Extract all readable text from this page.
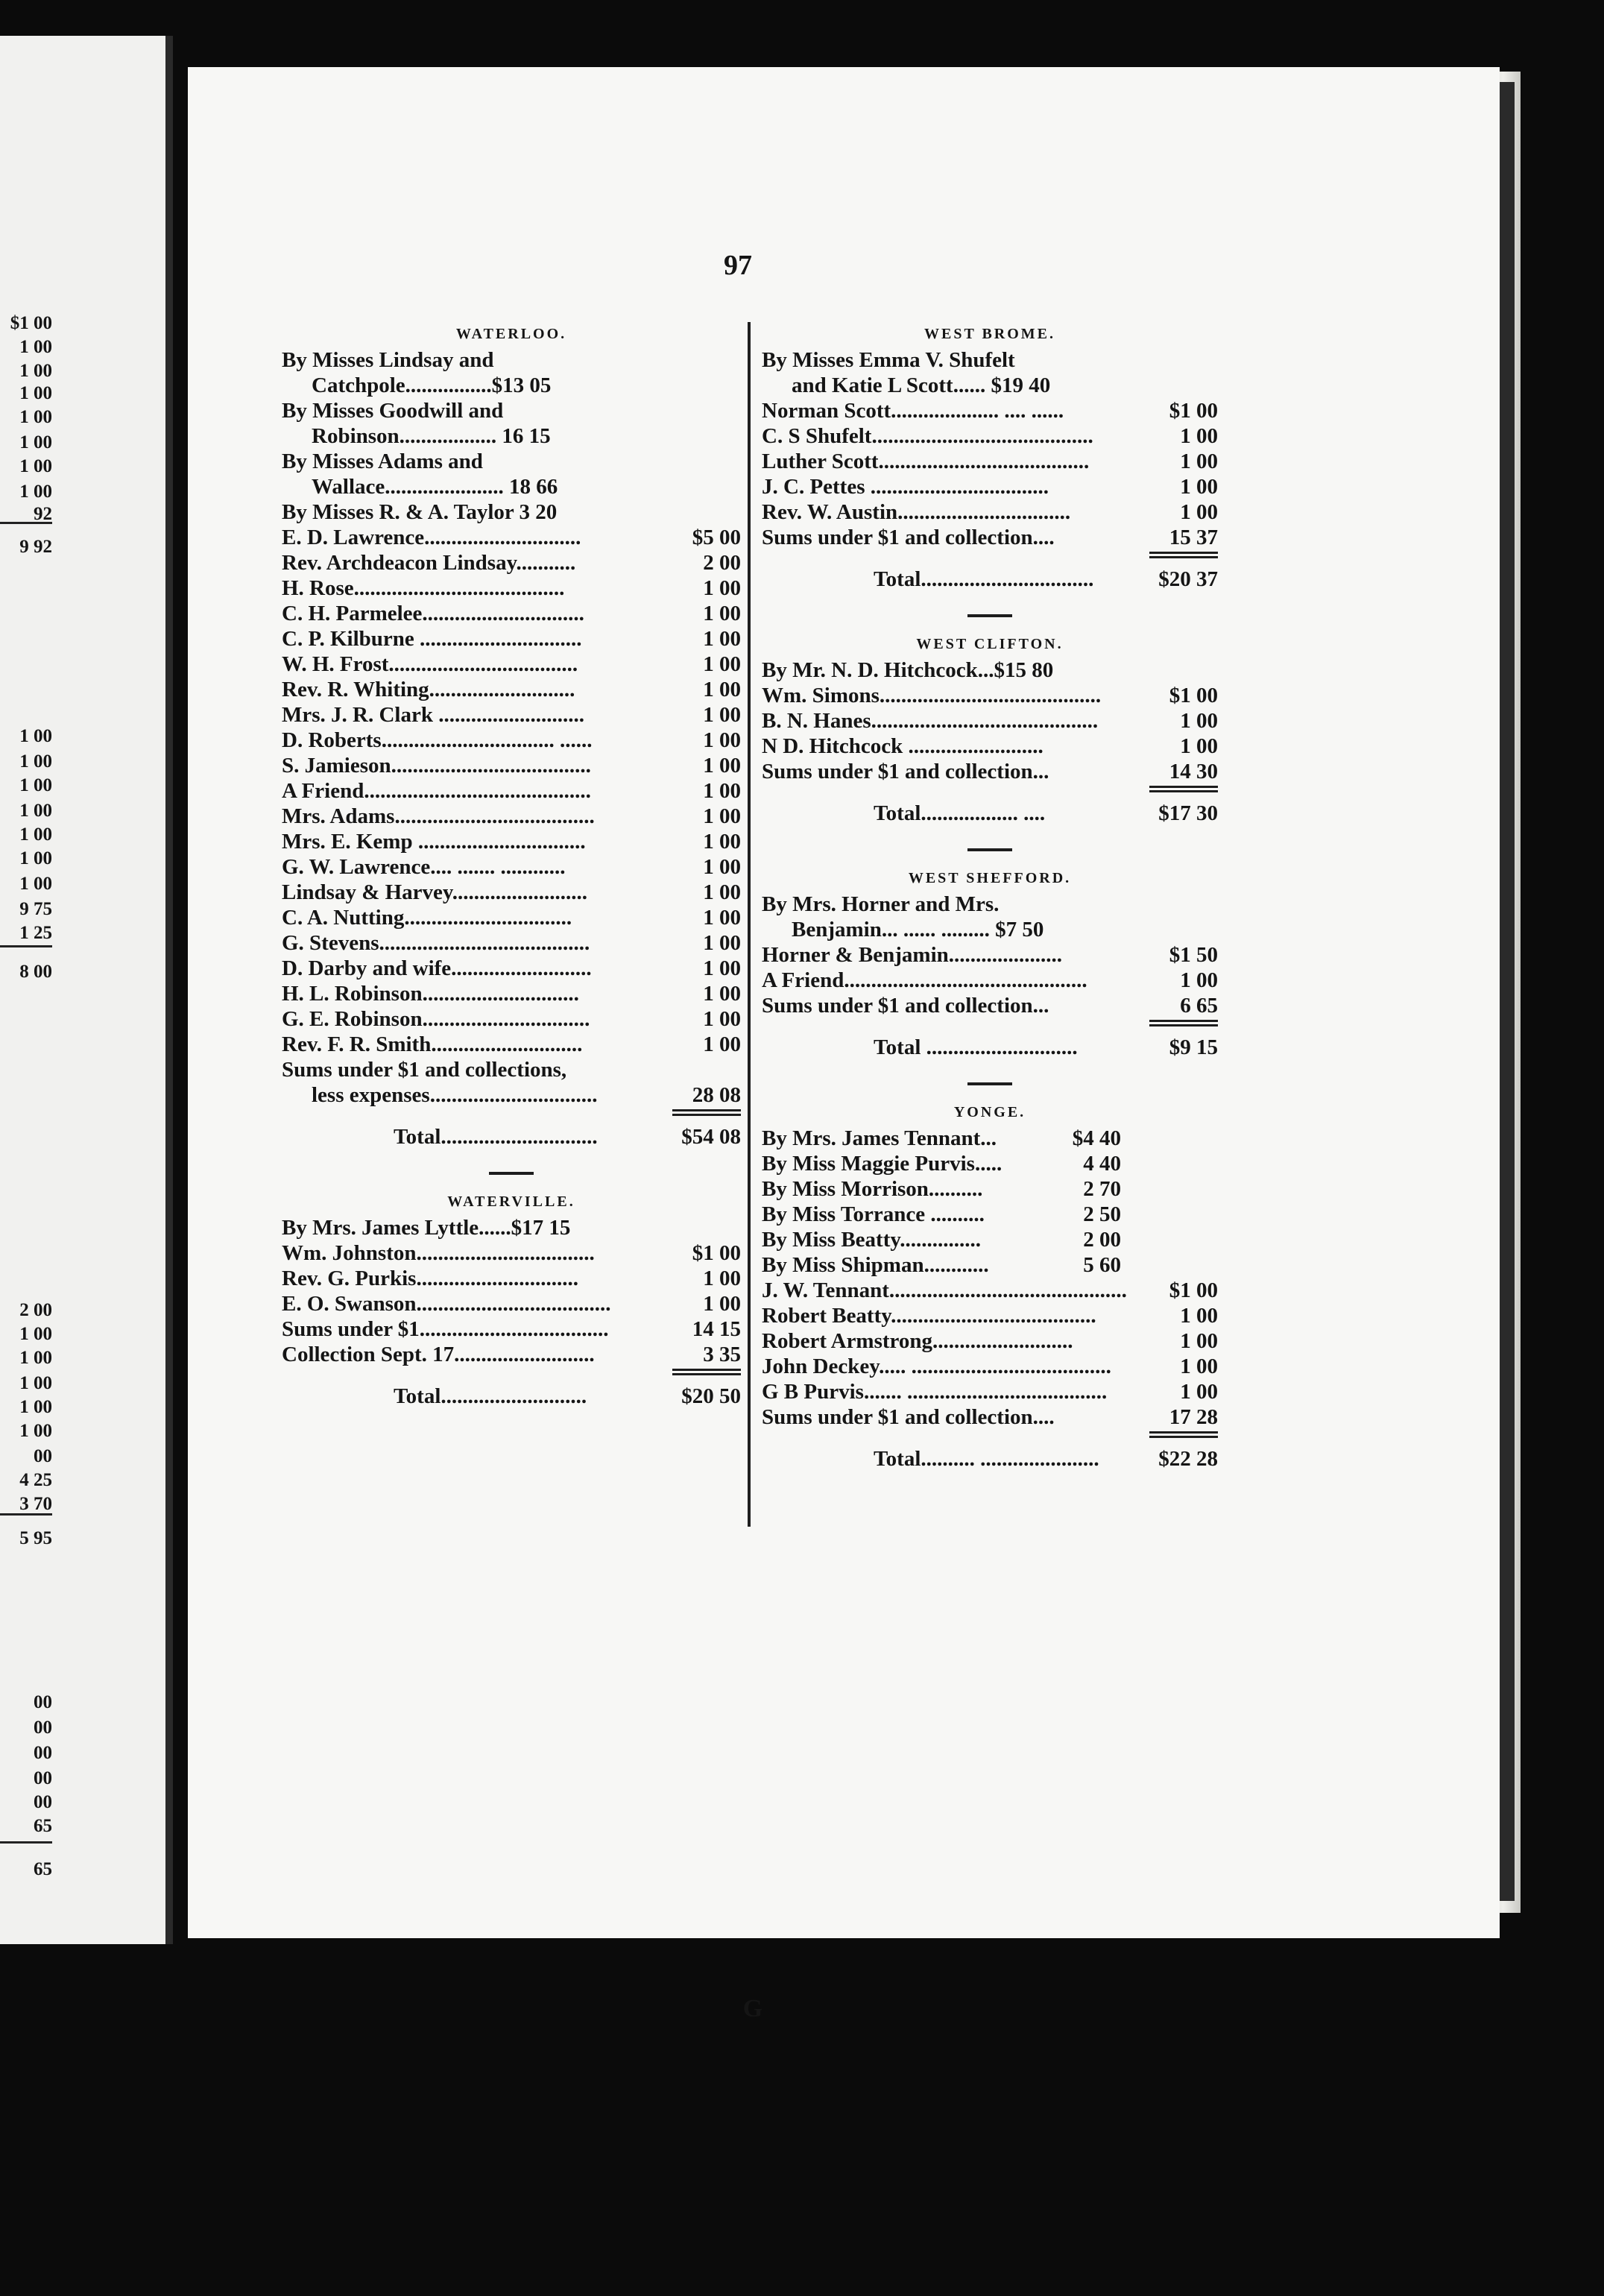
$1 00
1 00
1 00
1 00
1 00
1 00
1 00
1 00
92
9 92
1 00
1 00
1 00
1 00
1 00
1 00
1 00
9 75
1 25
8 00
2 00
1 00
1 00
1 00
1 00
1 00
00
4 25
3 70
5 95
00
00
00
00
00
65
65
97
WATERLOO.
By Misses Lindsay and
Catchpole................$13 05
By Misses Goodwill and
Robinson.................. 16 15
By Misses Adams and
Wallace...................... 18 66
By Misses R. & A. Taylor 3 20
E. D. Lawrence.............................	$5 00
Rev. Archdeacon Lindsay...........	2 00
H. Rose.......................................	1 00
C. H. Parmelee..............................	1 00
C. P. Kilburne ..............................	1 00
W. H. Frost...................................	1 00
Rev. R. Whiting...........................	1 00
Mrs. J. R. Clark ...........................	1 00
D. Roberts................................ ......	1 00
S. Jamieson.....................................	1 00
A Friend..........................................	1 00
Mrs. Adams.....................................	1 00
Mrs. E. Kemp ...............................	1 00
G. W. Lawrence.... ....... ............	1 00
Lindsay & Harvey.........................	1 00
C. A. Nutting...............................	1 00
G. Stevens.......................................	1 00
D. Darby and wife..........................	1 00
H. L. Robinson.............................	1 00
G. E. Robinson...............................	1 00
Rev. F. R. Smith............................	1 00
Sums under $1 and collections,
less expenses...............................	28 08
Total.............................	$54 08
WATERVILLE.
By Mrs. James Lyttle......$17 15
Wm. Johnston.................................	$1 00
Rev. G. Purkis..............................	1 00
E. O. Swanson....................................	1 00
Sums under $1...................................	14 15
Collection Sept. 17..........................	3 35
Total...........................	$20 50
WEST BROME.
By Misses Emma V. Shufelt
and Katie L Scott...... $19 40
Norman Scott.................... .... ......	$1 00
C. S Shufelt.........................................	1 00
Luther Scott.......................................	1 00
J. C. Pettes .................................	1 00
Rev. W. Austin................................	1 00
Sums under $1 and collection....	15 37
Total................................	$20 37
WEST CLIFTON.
By Mr. N. D. Hitchcock...$15 80
Wm. Simons.........................................	$1 00
B. N. Hanes..........................................	1 00
N D. Hitchcock .........................	1 00
Sums under $1 and collection...	14 30
Total.................. ....	$17 30
WEST SHEFFORD.
By Mrs. Horner and Mrs.
Benjamin... ...... ......... $7 50
Horner & Benjamin.....................	$1 50
A Friend.............................................	1 00
Sums under $1 and collection...	6 65
Total ............................	$9 15
YONGE.
By Mrs. James Tennant...	$4 40
By Miss Maggie Purvis.....	4 40
By Miss Morrison..........	2 70
By Miss Torrance ..........	2 50
By Miss Beatty...............	2 00
By Miss Shipman............	5 60
J. W. Tennant............................................ $1 00
Robert Beatty......................................	1 00
Robert Armstrong..........................	1 00
John Deckey..... .....................................	1 00
G B Purvis....... .....................................	1 00
Sums under $1 and collection....	17 28
Total.......... ......................	$22 28
G
